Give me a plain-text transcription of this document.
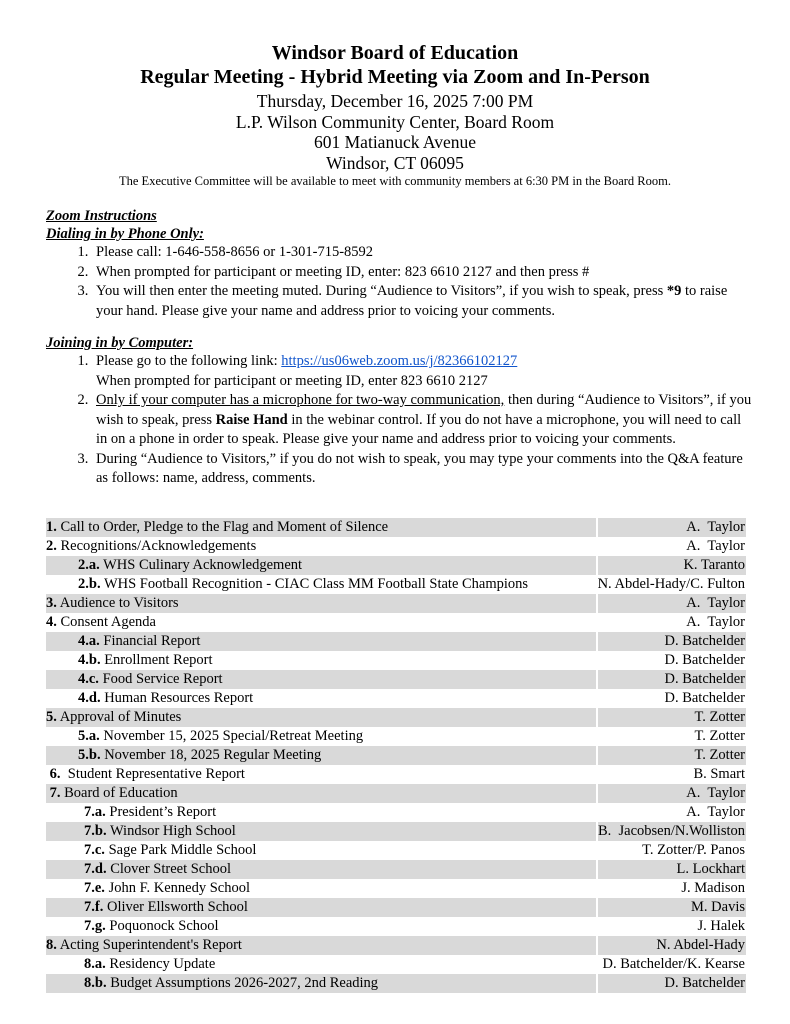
Windsor Board of Education
Regular Meeting - Hybrid Meeting via Zoom and In-Person
Thursday, December 16, 2025 7:00 PM
L.P. Wilson Community Center, Board Room
601 Matianuck Avenue
Windsor, CT 06095
The Executive Committee will be available to meet with community members at 6:30 PM in the Board Room.
Zoom Instructions
Dialing in by Phone Only:
1. Please call: 1-646-558-8656 or 1-301-715-8592
2. When prompted for participant or meeting ID, enter: 823 6610 2127 and then press #
3. You will then enter the meeting muted. During “Audience to Visitors”, if you wish to speak, press *9 to raise your hand. Please give your name and address prior to voicing your comments.
Joining in by Computer:
1. Please go to the following link: https://us06web.zoom.us/j/82366102127
When prompted for participant or meeting ID, enter 823 6610 2127
2. Only if your computer has a microphone for two-way communication, then during “Audience to Visitors”, if you wish to speak, press Raise Hand in the webinar control. If you do not have a microphone, you will need to call in on a phone in order to speak. Please give your name and address prior to voicing your comments.
3. During “Audience to Visitors,” if you do not wish to speak, you may type your comments into the Q&A feature as follows: name, address, comments.
1. Call to Order, Pledge to the Flag and Moment of Silence	A.  Taylor
2. Recognitions/Acknowledgements	A.  Taylor
2.a. WHS Culinary Acknowledgement	K. Taranto
2.b. WHS Football Recognition - CIAC Class MM Football State Champions	N. Abdel-Hady/C. Fulton
3. Audience to Visitors	A.  Taylor
4. Consent Agenda	A.  Taylor
4.a. Financial Report	D. Batchelder
4.b. Enrollment Report	D. Batchelder
4.c. Food Service Report	D. Batchelder
4.d. Human Resources Report	D. Batchelder
5. Approval of Minutes	T. Zotter
5.a. November 15, 2025 Special/Retreat Meeting	T. Zotter
5.b. November 18, 2025 Regular Meeting	T. Zotter
6.  Student Representative Report	B. Smart
7. Board of Education	A.  Taylor
7.a. President’s Report	A.  Taylor
7.b. Windsor High School	B.  Jacobsen/N.Wolliston
7.c. Sage Park Middle School	T. Zotter/P. Panos
7.d. Clover Street School	L. Lockhart
7.e. John F. Kennedy School	J. Madison
7.f. Oliver Ellsworth School	M. Davis
7.g. Poquonock School	J. Halek
8. Acting Superintendent's Report	N. Abdel-Hady
8.a. Residency Update	D. Batchelder/K. Kearse
8.b. Budget Assumptions 2026-2027, 2nd Reading	D. Batchelder
